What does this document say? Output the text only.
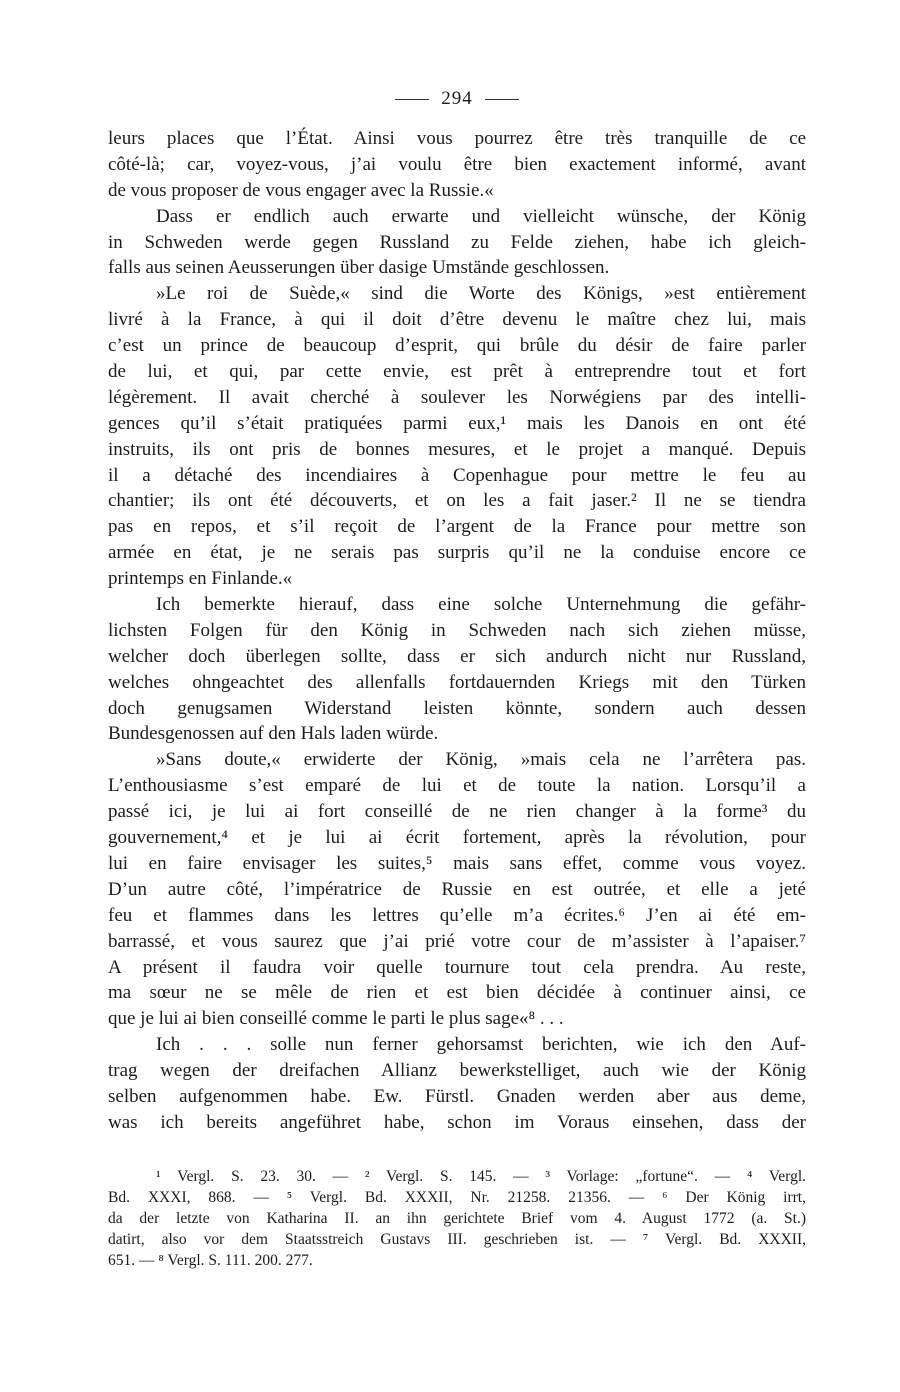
294

leurs places que l’État. Ainsi vous pourrez être très tranquille de ce
côté-là; car, voyez-vous, j’ai voulu être bien exactement informé, avant
de vous proposer de vous engager avec la Russie.«

Dass er endlich auch erwarte und vielleicht wünsche, der König
in Schweden werde gegen Russland zu Felde ziehen, habe ich gleich-
falls aus seinen Aeusserungen über dasige Umstände geschlossen.

»Le roi de Suède,« sind die Worte des Königs, »est entièrement
livré à la France, à qui il doit d’être devenu le maître chez lui, mais
c’est un prince de beaucoup d’esprit, qui brûle du désir de faire parler
de lui, et qui, par cette envie, est prêt à entreprendre tout et fort
légèrement. Il avait cherché à soulever les Norwégiens par des intelli-
gences qu’il s’était pratiquées parmi eux,¹ mais les Danois en ont été
instruits, ils ont pris de bonnes mesures, et le projet a manqué. Depuis
il a détaché des incendiaires à Copenhague pour mettre le feu au
chantier; ils ont été découverts, et on les a fait jaser.² Il ne se tiendra
pas en repos, et s’il reçoit de l’argent de la France pour mettre son
armée en état, je ne serais pas surpris qu’il ne la conduise encore ce
printemps en Finlande.«

Ich bemerkte hierauf, dass eine solche Unternehmung die gefähr-
lichsten Folgen für den König in Schweden nach sich ziehen müsse,
welcher doch überlegen sollte, dass er sich andurch nicht nur Russland,
welches ohngeachtet des allenfalls fortdauernden Kriegs mit den Türken
doch genugsamen Widerstand leisten könnte, sondern auch dessen
Bundesgenossen auf den Hals laden würde.

»Sans doute,« erwiderte der König, »mais cela ne l’arrêtera pas.
L’enthousiasme s’est emparé de lui et de toute la nation. Lorsqu’il a
passé ici, je lui ai fort conseillé de ne rien changer à la forme³ du
gouvernement,⁴ et je lui ai écrit fortement, après la révolution, pour
lui en faire envisager les suites,⁵ mais sans effet, comme vous voyez.
D’un autre côté, l’impératrice de Russie en est outrée, et elle a jeté
feu et flammes dans les lettres qu’elle m’a écrites.⁶ J’en ai été em-
barrassé, et vous saurez que j’ai prié votre cour de m’assister à l’apaiser.⁷
A présent il faudra voir quelle tournure tout cela prendra. Au reste,
ma sœur ne se mêle de rien et est bien décidée à continuer ainsi, ce
que je lui ai bien conseillé comme le parti le plus sage«⁸ . . .

Ich . . . solle nun ferner gehorsamst berichten, wie ich den Auf-
trag wegen der dreifachen Allianz bewerkstelliget, auch wie der König
selben aufgenommen habe. Ew. Fürstl. Gnaden werden aber aus deme,
was ich bereits angeführet habe, schon im Voraus einsehen, dass der

¹ Vergl. S. 23. 30. — ² Vergl. S. 145. — ³ Vorlage: „fortune“. — ⁴ Vergl.
Bd. XXXI, 868. — ⁵ Vergl. Bd. XXXII, Nr. 21258. 21356. — ⁶ Der König irrt,
da der letzte von Katharina II. an ihn gerichtete Brief vom 4. August 1772 (a. St.)
datirt, also vor dem Staatsstreich Gustavs III. geschrieben ist. — ⁷ Vergl. Bd. XXXII,
651. — ⁸ Vergl. S. 111. 200. 277.
